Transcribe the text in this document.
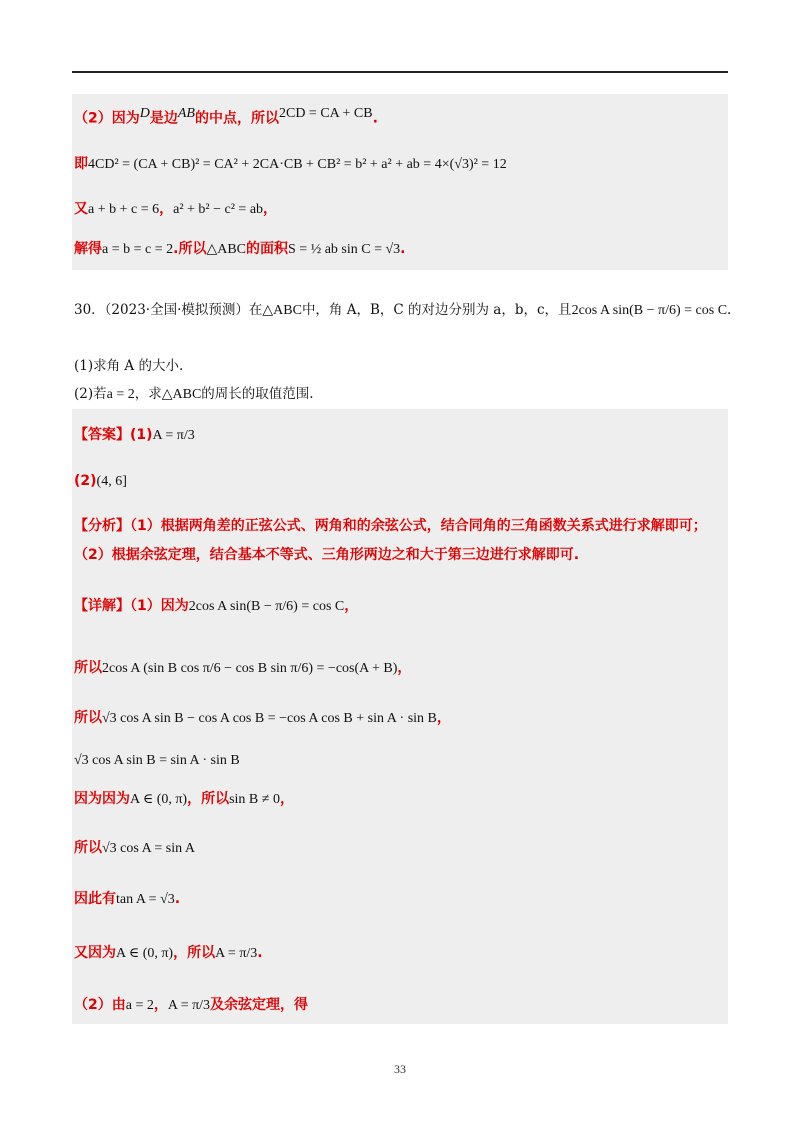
（2）因为$^D$是边$^{AB}$的中点，所以$^{2CD = CA + CB}$.
即4CD² = (CA + CB)² = CA² + 2CA·CB + CB² = b² + a² + ab = 4×(√3)² = 12
又a + b + c = 6，a² + b² − c² = ab，
解得a = b = c = 2.所以△ABC的面积S = ½ ab sin C = √3.
30．（2023·全国·模拟预测）在△ABC中，角 A，B，C 的对边分别为 a，b，c，且2cos A sin(B − π/6) = cos C.
(1)求角 A 的大小.
(2)若a = 2，求△ABC的周长的取值范围.
【答案】(1)A = π/3
(2)(4, 6]
【分析】（1）根据两角差的正弦公式、两角和的余弦公式，结合同角的三角函数关系式进行求解即可；
（2）根据余弦定理，结合基本不等式、三角形两边之和大于第三边进行求解即可.
【详解】（1）因为2cos A sin(B − π/6) = cos C，
所以2cos A (sin B cos π/6 − cos B sin π/6) = −cos(A + B)，
所以√3 cos A sin B − cos A cos B = −cos A cos B + sin A · sin B，
√3 cos A sin B = sin A · sin B
因为因为A ∈ (0, π)，所以sin B ≠ 0，
所以√3 cos A = sin A
因此有tan A = √3.
又因为A ∈ (0, π)，所以A = π/3.
（2）由a = 2，A = π/3及余弦定理，得
33
